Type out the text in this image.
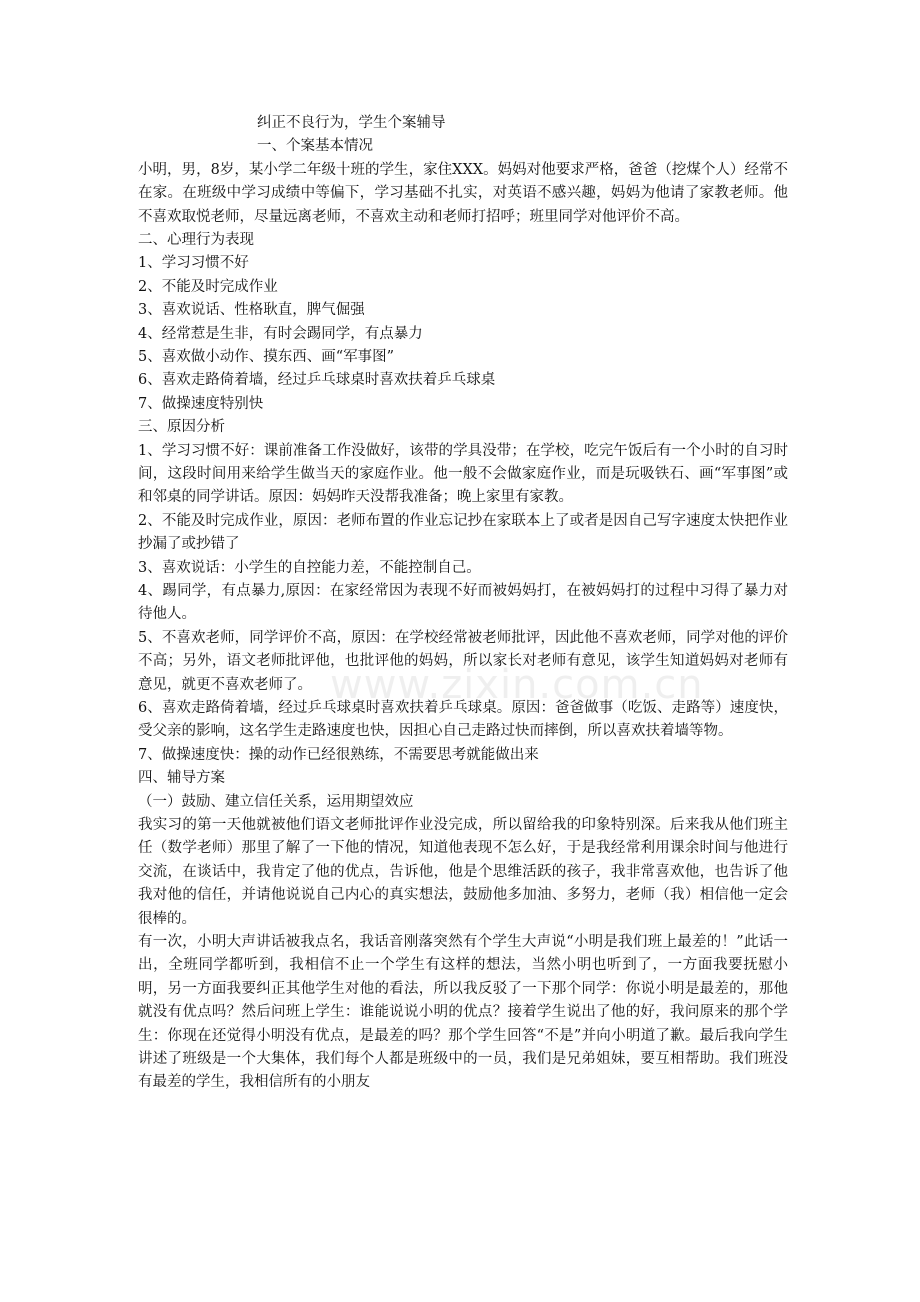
纠正不良行为，学生个案辅导
一、个案基本情况
小明，男，8岁，某小学二年级十班的学生，家住XXX。妈妈对他要求严格，爸爸（挖煤个人）经常不在家。在班级中学习成绩中等偏下，学习基础不扎实，对英语不感兴趣，妈妈为他请了家教老师。他不喜欢取悦老师，尽量远离老师，不喜欢主动和老师打招呼；班里同学对他评价不高。
二、心理行为表现
1、学习习惯不好
2、不能及时完成作业
3、喜欢说话、性格耿直，脾气倔强
4、经常惹是生非，有时会踢同学，有点暴力
5、喜欢做小动作、摸东西、画“军事图”
6、喜欢走路倚着墙，经过乒乓球桌时喜欢扶着乒乓球桌
7、做操速度特别快
三、原因分析
1、学习习惯不好：课前准备工作没做好，该带的学具没带；在学校，吃完午饭后有一个小时的自习时间，这段时间用来给学生做当天的家庭作业。他一般不会做家庭作业，而是玩吸铁石、画“军事图”或和邻桌的同学讲话。原因：妈妈昨天没帮我准备；晚上家里有家教。
2、不能及时完成作业，原因：老师布置的作业忘记抄在家联本上了或者是因自己写字速度太快把作业抄漏了或抄错了
3、喜欢说话：小学生的自控能力差，不能控制自己。
4、踢同学，有点暴力,原因：在家经常因为表现不好而被妈妈打，在被妈妈打的过程中习得了暴力对待他人。
5、不喜欢老师，同学评价不高，原因：在学校经常被老师批评，因此他不喜欢老师，同学对他的评价不高；另外，语文老师批评他，也批评他的妈妈，所以家长对老师有意见，该学生知道妈妈对老师有意见，就更不喜欢老师了。
6、喜欢走路倚着墙，经过乒乓球桌时喜欢扶着乒乓球桌。原因：爸爸做事（吃饭、走路等）速度快，受父亲的影响，这名学生走路速度也快，因担心自己走路过快而摔倒，所以喜欢扶着墙等物。
7、做操速度快：操的动作已经很熟练，不需要思考就能做出来
四、辅导方案
（一）鼓励、建立信任关系，运用期望效应
我实习的第一天他就被他们语文老师批评作业没完成，所以留给我的印象特别深。后来我从他们班主任（数学老师）那里了解了一下他的情况，知道他表现不怎么好，于是我经常利用课余时间与他进行交流，在谈话中，我肯定了他的优点，告诉他，他是个思维活跃的孩子，我非常喜欢他，也告诉了他我对他的信任，并请他说说自己内心的真实想法，鼓励他多加油、多努力，老师（我）相信他一定会很棒的。
有一次，小明大声讲话被我点名，我话音刚落突然有个学生大声说“小明是我们班上最差的！”此话一出，全班同学都听到，我相信不止一个学生有这样的想法，当然小明也听到了，一方面我要抚慰小明，另一方面我要纠正其他学生对他的看法，所以我反驳了一下那个同学：你说小明是最差的，那他就没有优点吗？然后问班上学生：谁能说说小明的优点？接着学生说出了他的好，我问原来的那个学生：你现在还觉得小明没有优点，是最差的吗？那个学生回答“不是”并向小明道了歉。最后我向学生讲述了班级是一个大集体，我们每个人都是班级中的一员，我们是兄弟姐妹，要互相帮助。我们班没有最差的学生，我相信所有的小朋友
www.zixin.com.cn
